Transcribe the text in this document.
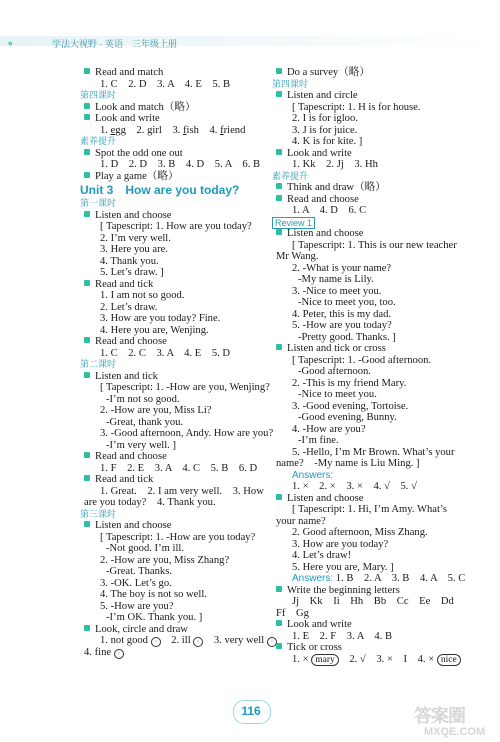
ه	学法大视野 · 英语　三年级上册
Read and match
1. C　2. D　3. A　4. E　5. B
第四课时
Look and match（略）
Look and write
1. egg　2. girl　3. fish　4. friend
素养提升
Spot the odd one out
1. D　2. D　3. B　4. D　5. A　6. B
Play a game（略）
Unit 3　How are you today?
第一课时
Listen and choose
[ Tapescript: 1. How are you today?
2. I’m very well.
3. Here you are.
4. Thank you.
5. Let’s draw. ]
Read and tick
1. I am not so good.
2. Let’s draw.
3. How are you today? Fine.
4. Here you are, Wenjing.
Read and choose
1. C　2. C　3. A　4. E　5. D
第二课时
Listen and tick
[ Tapescript: 1. -How are you, Wenjing?
-I’m not so good.
2. -How are you, Miss Li?
-Great, thank you.
3. -Good afternoon, Andy. How are you?
-I’m very well. ]
Read and choose
1. F　2. E　3. A　4. C　5. B　6. D
Read and tick
1. Great.　2. I am very well.　3. How
are you today?　4. Thank you.
第三课时
Listen and choose
[ Tapescript: 1. -How are you today?
-Not good. I’m ill.
2. -How are you, Miss Zhang?
-Great. Thanks.
3. -OK. Let’s go.
4. The boy is not so well.
5. -How are you?
-I’m OK. Thank you. ]
Look, circle and draw
1. not good ᵕ　2. ill ᵕ　3. very well ᵕ
4. fine ᵕ
Do a survey（略）
第四课时
Listen and circle
[ Tapescript: 1. H is for house.
2. I is for igloo.
3. J is for juice.
4. K is for kite. ]
Look and write
1. Kk　2. Jj　3. Hh
素养提升
Think and draw（略）
Read and choose
1. A　4. D　6. C
Review 1
Listen and choose
[ Tapescript: 1. This is our new teacher
Mr Wang.
2. -What is your name?
-My name is Lily.
3. -Nice to meet you.
-Nice to meet you, too.
4. Peter, this is my dad.
5. -How are you today?
-Pretty good. Thanks. ]
Listen and tick or cross
[ Tapescript: 1. -Good afternoon.
-Good afternoon.
2. -This is my friend Mary.
-Nice to meet you.
3. -Good evening, Tortoise.
-Good evening, Bunny.
4. -How are you?
-I’m fine.
5. -Hello, I’m Mr Brown. What’s your
name?　-My name is Liu Ming. ]
Answers:
1. ×　2. ×　3. ×　4. √　5. √
Listen and choose
[ Tapescript: 1. Hi, I’m Amy. What’s
your name?
2. Good afternoon, Miss Zhang.
3. How are you today?
4. Let’s draw!
5. Here you are, Mary. ]
Answers: 1. B　2. A　3. B　4. A　5. C
Write the beginning letters
Jj　Kk　Ii　Hh　Bb　Cc　Ee　Dd
Ff　Gg
Look and write
1. E　2. F　3. A　4. B
Tick or cross
1. × mary　2. √　3. ×　I　4. × nice
116	答案圈
MXQE.COM
